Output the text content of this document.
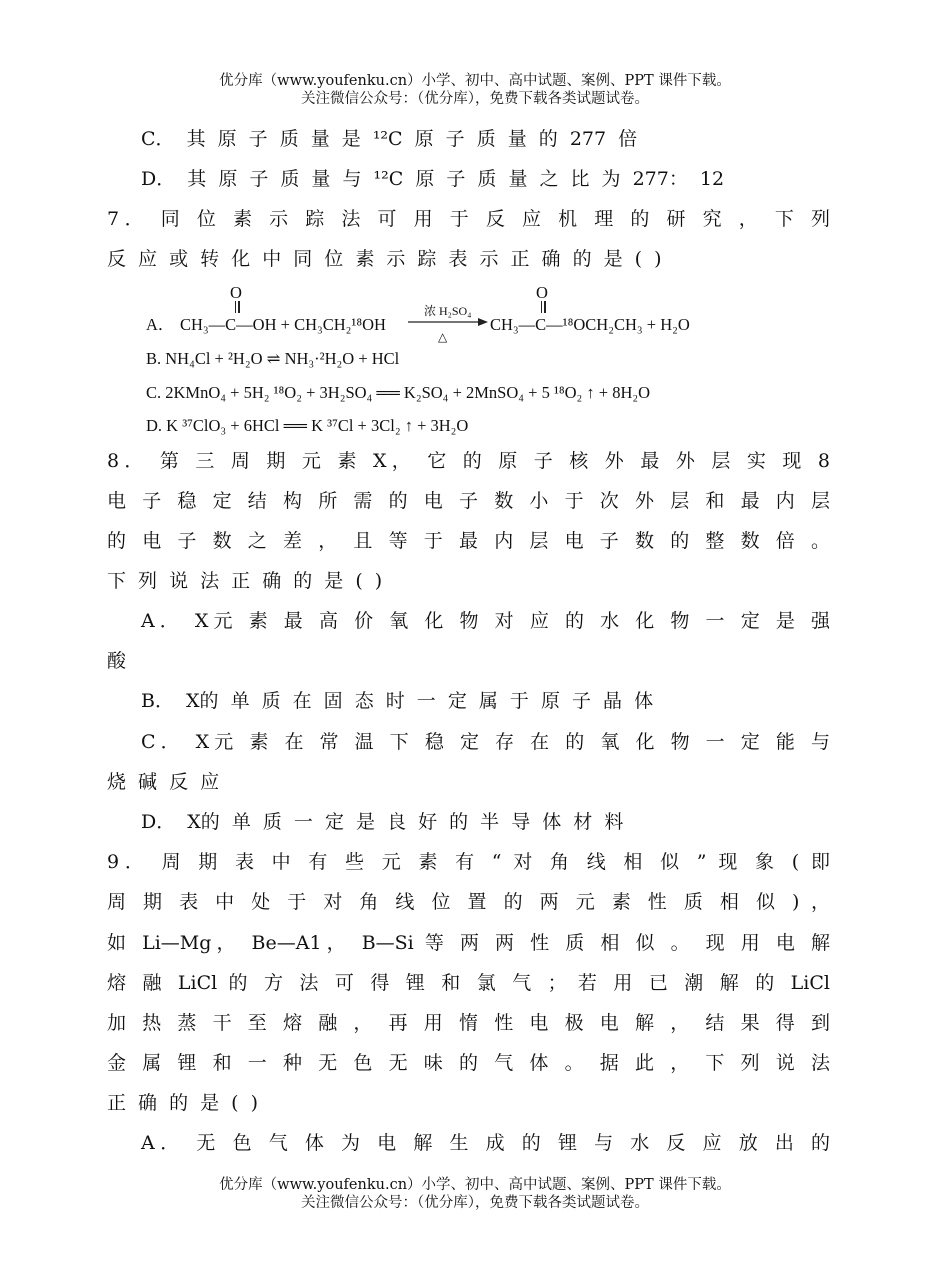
优分库（www.youfenku.cn）小学、初中、高中试题、案例、PPT 课件下载。
关注微信公众号：（优分库），免费下载各类试题试卷。
C． 其 原 子 质 量 是 ¹²C 原 子 质 量 的 277 倍
D． 其 原 子 质 量 与 ¹²C 原 子 质 量 之 比 为 277： 12
7． 同 位 素 示 踪 法 可 用 于 反 应 机 理 的 研 究 ， 下 列
反 应 或 转 化 中 同 位 素 示 踪 表 示 正 确 的 是 ( )
A．
O
CH₃—C—OH + CH₃CH₂¹⁸OH
浓 H₂SO₄
△
O
CH₃—C—¹⁸OCH₂CH₃ + H₂O
B. NH₄Cl + ²H₂O ⇌ NH₃·²H₂O + HCl
C. 2KMnO₄ + 5H₂ ¹⁸O₂ + 3H₂SO₄ ══ K₂SO₄ + 2MnSO₄ + 5 ¹⁸O₂ ↑ + 8H₂O
D. K ³⁷ClO₃ + 6HCl ══ K ³⁷Cl + 3Cl₂ ↑ + 3H₂O
8． 第 三 周 期 元 素 X， 它 的 原 子 核 外 最 外 层 实 现 8
电 子 稳 定 结 构 所 需 的 电 子 数 小 于 次 外 层 和 最 内 层
的 电 子 数 之 差 ， 且 等 于 最 内 层 电 子 数 的 整 数 倍 。
下 列 说 法 正 确 的 是 ( )
A． X元 素 最 高 价 氧 化 物 对 应 的 水 化 物 一 定 是 强
酸
B． X的 单 质 在 固 态 时 一 定 属 于 原 子 晶 体
C． X元 素 在 常 温 下 稳 定 存 在 的 氧 化 物 一 定 能 与
烧 碱 反 应
D． X的 单 质 一 定 是 良 好 的 半 导 体 材 料
9． 周 期 表 中 有 些 元 素 有 “ 对 角 线 相 似 ” 现 象 ( 即
周 期 表 中 处 于 对 角 线 位 置 的 两 元 素 性 质 相 似 ) ，
如 Li—Mg， Be—A1， B—Si 等 两 两 性 质 相 似 。 现 用 电 解
熔 融 LiCl 的 方 法 可 得 锂 和 氯 气 ； 若 用 已 潮 解 的 LiCl
加 热 蒸 干 至 熔 融 ， 再 用 惰 性 电 极 电 解 ， 结 果 得 到
金 属 锂 和 一 种 无 色 无 味 的 气 体 。 据 此 ， 下 列 说 法
正 确 的 是 ( )
A． 无 色 气 体 为 电 解 生 成 的 锂 与 水 反 应 放 出 的
优分库（www.youfenku.cn）小学、初中、高中试题、案例、PPT 课件下载。
关注微信公众号：（优分库），免费下载各类试题试卷。
